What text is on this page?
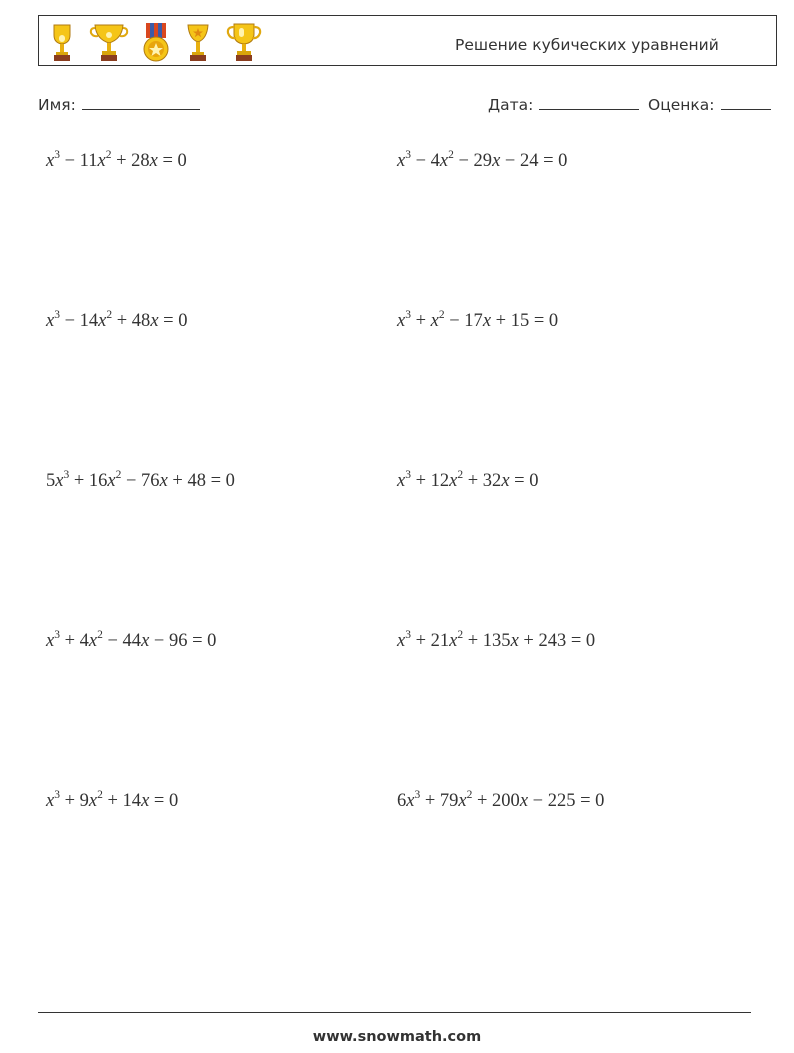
Решение кубических уравнений
Имя:	Дата:	Оценка:
$x^3 - 11x^2 + 28x = 0$
$x^3 - 14x^2 + 48x = 0$
$5x^3 + 16x^2 - 76x + 48 = 0$
$x^3 + 4x^2 - 44x - 96 = 0$
$x^3 + 9x^2 + 14x = 0$
$x^3 - 4x^2 - 29x - 24 = 0$
$x^3 + x^2 - 17x + 15 = 0$
$x^3 + 12x^2 + 32x = 0$
$x^3 + 21x^2 + 135x + 243 = 0$
$6x^3 + 79x^2 + 200x - 225 = 0$
www.snowmath.com
